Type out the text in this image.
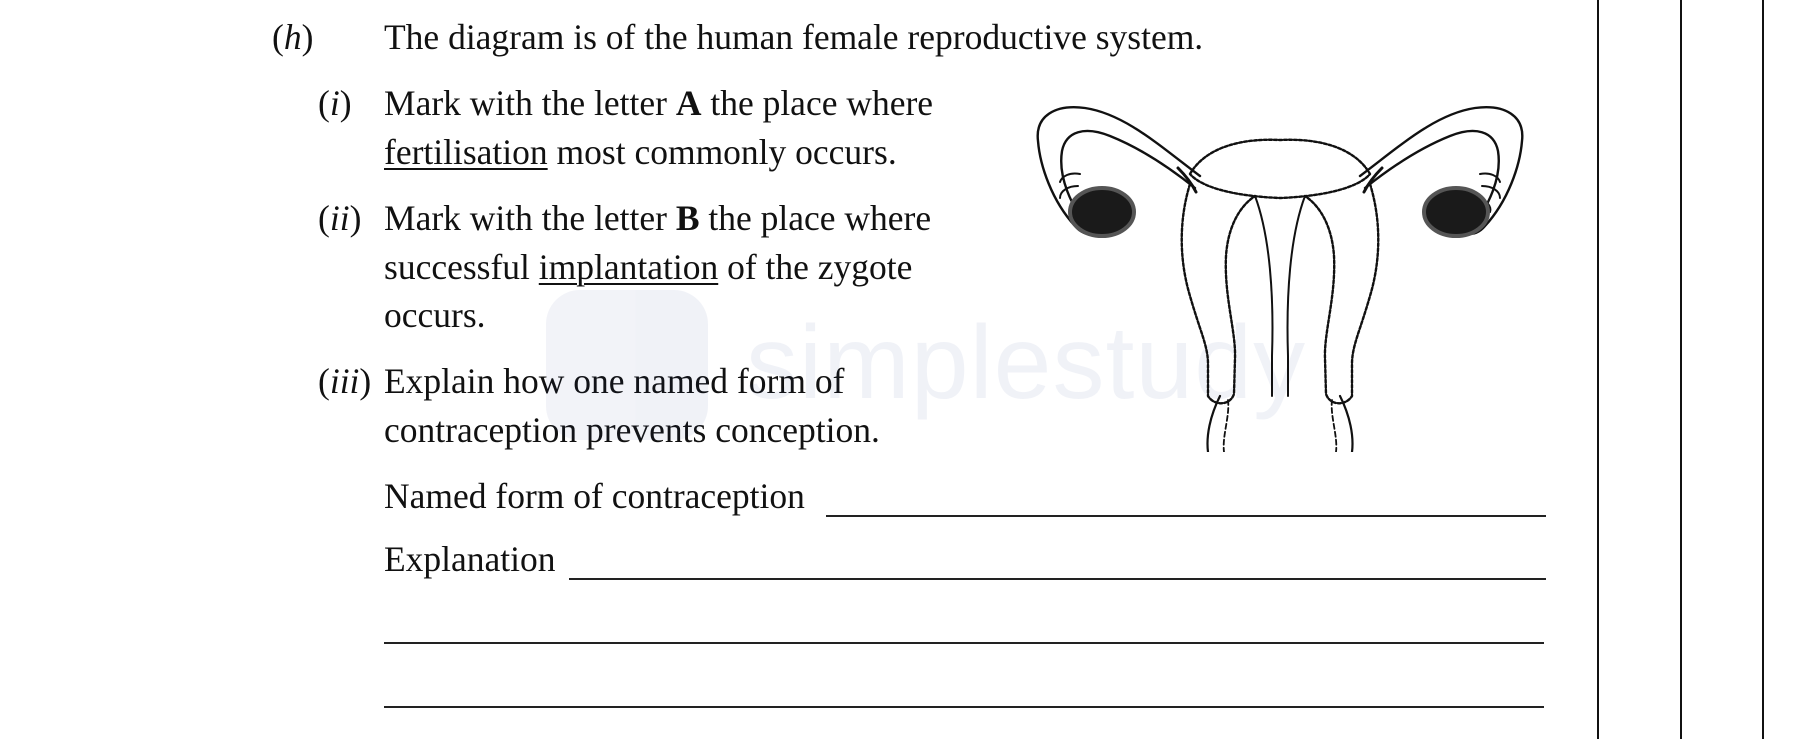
(h) The diagram is of the human female reproductive system.
(i) Mark with the letter A the place where
fertilisation most commonly occurs.
(ii) Mark with the letter B the place where
successful implantation of the zygote
occurs.
(iii) Explain how one named form of
contraception prevents conception.
Named form of contraception
Explanation
simplestudy
